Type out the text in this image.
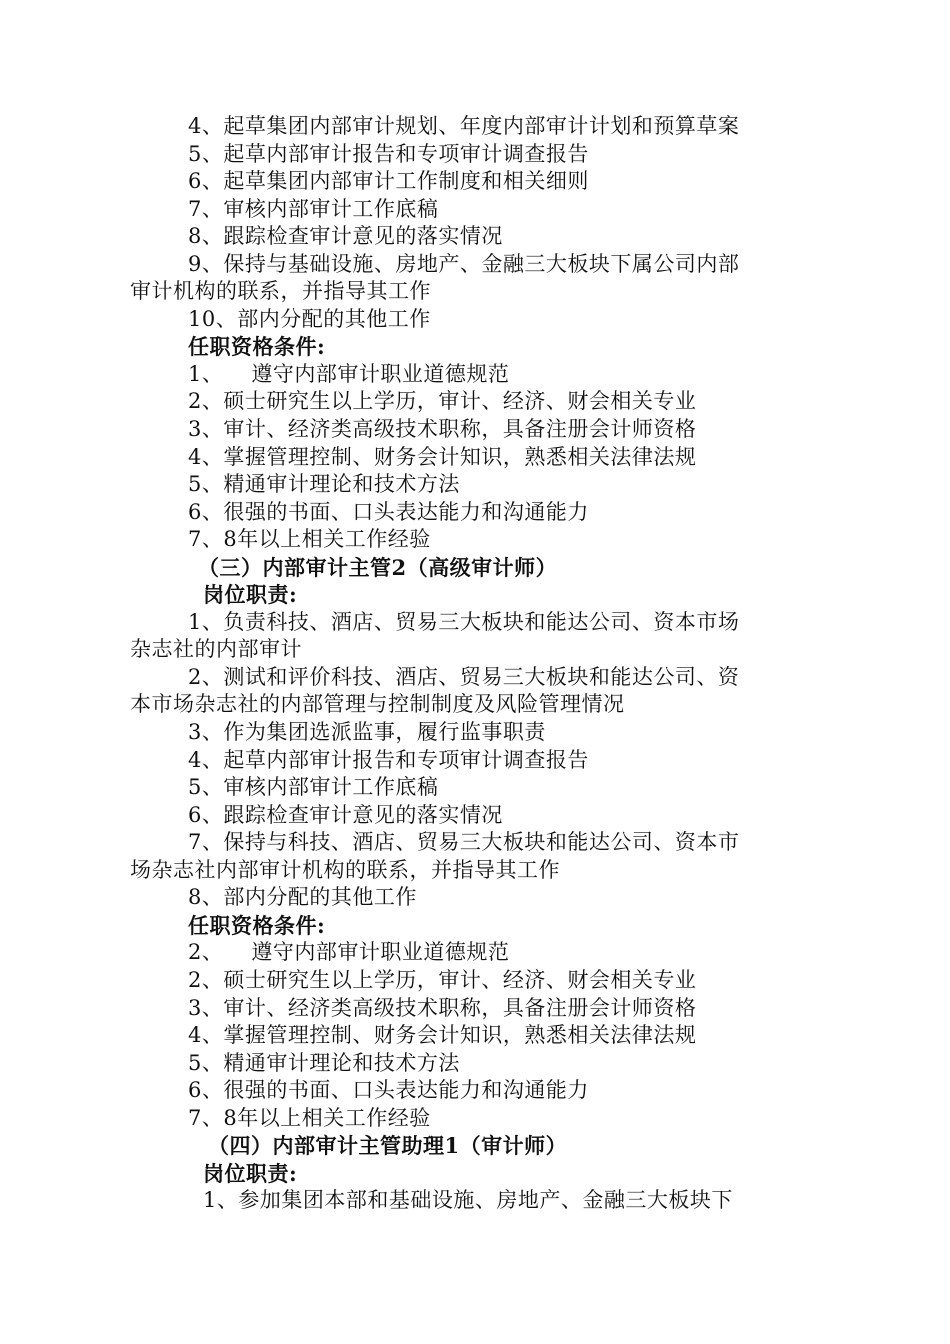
4、起草集团内部审计规划、年度内部审计计划和预算草案
5、起草内部审计报告和专项审计调查报告
6、起草集团内部审计工作制度和相关细则
7、审核内部审计工作底稿
8、跟踪检查审计意见的落实情况
9、保持与基础设施、房地产、金融三大板块下属公司内部
审计机构的联系，并指导其工作
10、部内分配的其他工作
任职资格条件:
1、 遵守内部审计职业道德规范
2、硕士研究生以上学历，审计、经济、财会相关专业
3、审计、经济类高级技术职称，具备注册会计师资格
4、掌握管理控制、财务会计知识，熟悉相关法律法规
5、精通审计理论和技术方法
6、很强的书面、口头表达能力和沟通能力
7、8年以上相关工作经验
（三）内部审计主管2（高级审计师）
岗位职责:
1、负责科技、酒店、贸易三大板块和能达公司、资本市场
杂志社的内部审计
2、测试和评价科技、酒店、贸易三大板块和能达公司、资
本市场杂志社的内部管理与控制制度及风险管理情况
3、作为集团选派监事，履行监事职责
4、起草内部审计报告和专项审计调查报告
5、审核内部审计工作底稿
6、跟踪检查审计意见的落实情况
7、保持与科技、酒店、贸易三大板块和能达公司、资本市
场杂志社内部审计机构的联系，并指导其工作
8、部内分配的其他工作
任职资格条件:
2、 遵守内部审计职业道德规范
2、硕士研究生以上学历，审计、经济、财会相关专业
3、审计、经济类高级技术职称，具备注册会计师资格
4、掌握管理控制、财务会计知识，熟悉相关法律法规
5、精通审计理论和技术方法
6、很强的书面、口头表达能力和沟通能力
7、8年以上相关工作经验
（四）内部审计主管助理1（审计师）
岗位职责:
1、参加集团本部和基础设施、房地产、金融三大板块下
